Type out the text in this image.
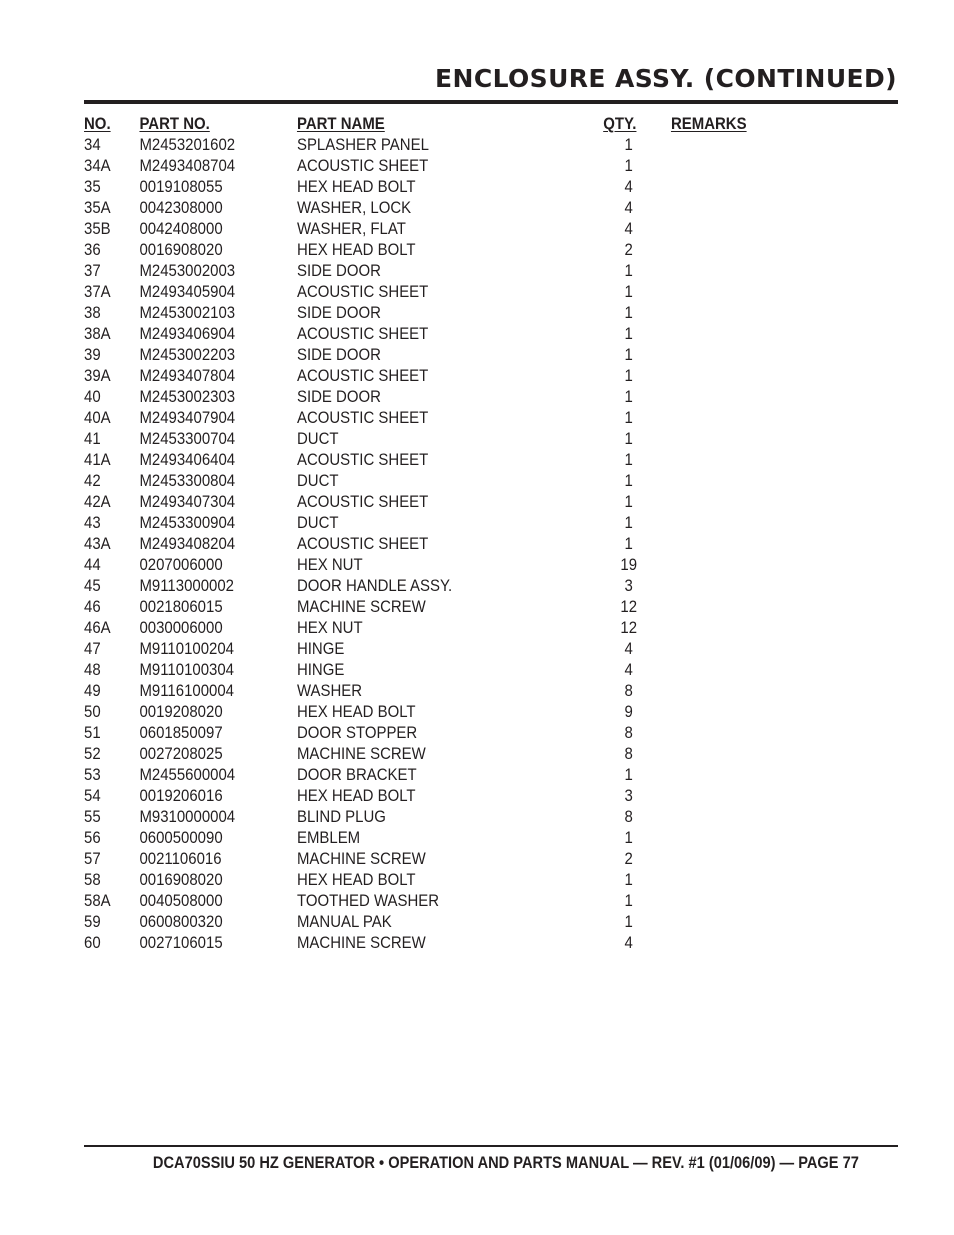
ENCLOSURE ASSY. (CONTINUED)
NO. PART NO.	PART NAME	QTY.	REMARKS
34 M2453201602	SPLASHER PANEL	1
34A M2493408704	ACOUSTIC SHEET	1
35 0019108055	HEX HEAD BOLT	4
35A 0042308000	WASHER, LOCK	4
35B 0042408000	WASHER, FLAT	4
36 0016908020	HEX HEAD BOLT	2
37 M2453002003	SIDE DOOR	1
37A M2493405904	ACOUSTIC SHEET	1
38 M2453002103	SIDE DOOR	1
38A M2493406904	ACOUSTIC SHEET	1
39 M2453002203	SIDE DOOR	1
39A M2493407804	ACOUSTIC SHEET	1
40 M2453002303	SIDE DOOR	1
40A M2493407904	ACOUSTIC SHEET	1
41 M2453300704	DUCT	1
41A M2493406404	ACOUSTIC SHEET	1
42 M2453300804	DUCT	1
42A M2493407304	ACOUSTIC SHEET	1
43 M2453300904	DUCT	1
43A M2493408204	ACOUSTIC SHEET	1
44 0207006000	HEX NUT	19
45 M9113000002	DOOR HANDLE ASSY.	3
46 0021806015	MACHINE SCREW	12
46A 0030006000	HEX NUT	12
47 M9110100204	HINGE	4
48 M9110100304	HINGE	4
49 M9116100004	WASHER	8
50 0019208020	HEX HEAD BOLT	9
51 0601850097	DOOR STOPPER	8
52 0027208025	MACHINE SCREW	8
53 M2455600004	DOOR BRACKET	1
54 0019206016	HEX HEAD BOLT	3
55 M9310000004	BLIND PLUG	8
56 0600500090	EMBLEM	1
57 0021106016	MACHINE SCREW	2
58 0016908020	HEX HEAD BOLT	1
58A 0040508000	TOOTHED WASHER	1
59 0600800320	MANUAL PAK	1
60 0027106015	MACHINE SCREW	4
DCA70SSIU 50 HZ GENERATOR • OPERATION AND PARTS MANUAL — REV. #1 (01/06/09) — PAGE 77
